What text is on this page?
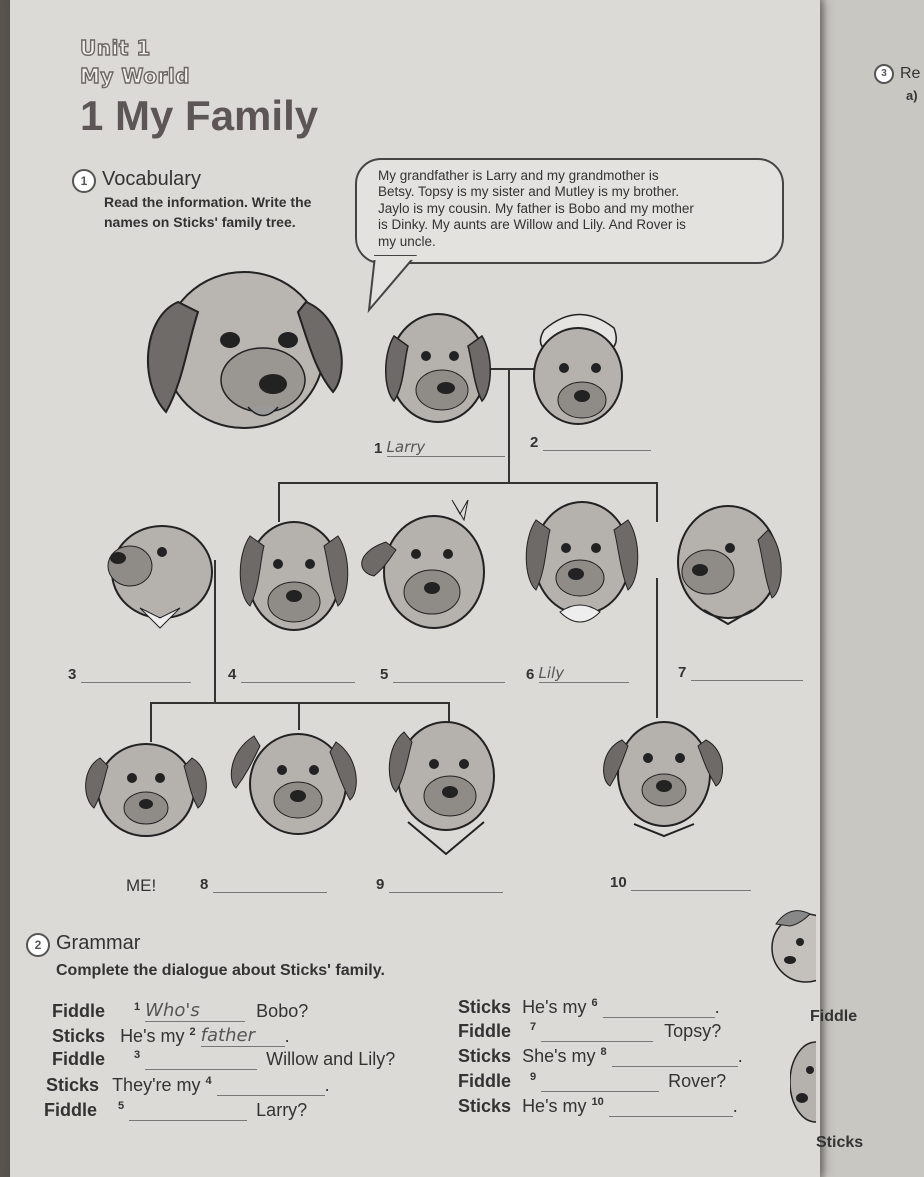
3 Re
a)
Unit 1
My World
1 My Family
1 Vocabulary
Read the information. Write the
names on Sticks' family tree.
My grandfather is Larry and my grandmother is
Betsy. Topsy is my sister and Mutley is my brother.
Jaylo is my cousin. My father is Bobo and my mother
is Dinky. My aunts are Willow and Lily. And Rover is
my uncle.
1 Larry	2
3	4	5	6 Lily	7
ME!	8	9	10
2 Grammar
Complete the dialogue about Sticks' family.
Fiddle	$^1$ Who's	Bobo?
Sticks He's my $^2$ father .
Fiddle	$^3$	Willow and Lily?
Sticks They're my $^4$	.
Fiddle $^5$	Larry?
Sticks He's my $^6$	.
Fiddle $^7$	Topsy?
Sticks She's my $^8$	.
Fiddle $^9$	Rover?
Sticks He's my $^{10}$	.
Fiddle
Sticks
